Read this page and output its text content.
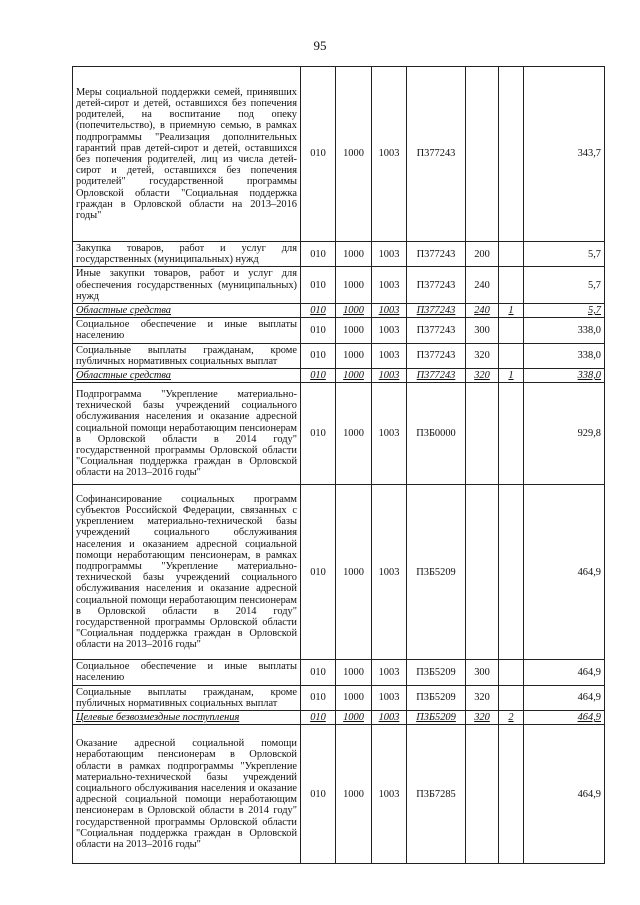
95
Меры социальной поддержки семей, принявших детей-сирот и детей, оставшихся без попечения родителей, на воспитание под опеку (попечительство), в приемную семью, в рамках подпрограммы "Реализация дополнительных гарантий прав детей-сирот и детей, оставшихся без попечения родителей, лиц из числа детей-сирот и детей, оставшихся без попечения родителей" государственной программы Орловской области "Социальная поддержка граждан в Орловской области на 2013–2016 годы"	010	1000	1003	П377243			343,7
Закупка товаров, работ и услуг для государственных (муниципальных) нужд	010	1000	1003	П377243	200		5,7
Иные закупки товаров, работ и услуг для обеспечения государственных (муниципальных) нужд	010	1000	1003	П377243	240		5,7
Областные средства	010	1000	1003	П377243	240	1	5,7
Социальное обеспечение и иные выплаты населению	010	1000	1003	П377243	300		338,0
Социальные выплаты гражданам, кроме публичных нормативных социальных выплат	010	1000	1003	П377243	320		338,0
Областные средства	010	1000	1003	П377243	320	1	338,0
Подпрограмма "Укрепление материально-технической базы учреждений социального обслуживания населения и оказание адресной социальной помощи неработающим пенсионерам в Орловской области в 2014 году" государственной программы Орловской области "Социальная поддержка граждан в Орловской области на 2013–2016 годы"	010	1000	1003	П3Б0000			929,8
Софинансирование социальных программ субъектов Российской Федерации, связанных с укреплением материально-технической базы учреждений социального обслуживания населения и оказанием адресной социальной помощи неработающим пенсионерам, в рамках подпрограммы "Укрепление материально-технической базы учреждений социального обслуживания населения и оказание адресной социальной помощи неработающим пенсионерам в Орловской области в 2014 году" государственной программы Орловской области "Социальная поддержка граждан в Орловской области на 2013–2016 годы"	010	1000	1003	П3Б5209			464,9
Социальное обеспечение и иные выплаты населению	010	1000	1003	П3Б5209	300		464,9
Социальные выплаты гражданам, кроме публичных нормативных социальных выплат	010	1000	1003	П3Б5209	320		464,9
Целевые безвозмездные поступления	010	1000	1003	П3Б5209	320	2	464,9
Оказание адресной социальной помощи неработающим пенсионерам в Орловской области в рамках подпрограммы "Укрепление материально-технической базы учреждений социального обслуживания населения и оказание адресной социальной помощи неработающим пенсионерам в Орловской области в 2014 году" государственной программы Орловской области "Социальная поддержка граждан в Орловской области на 2013–2016 годы"	010	1000	1003	П3Б7285			464,9
